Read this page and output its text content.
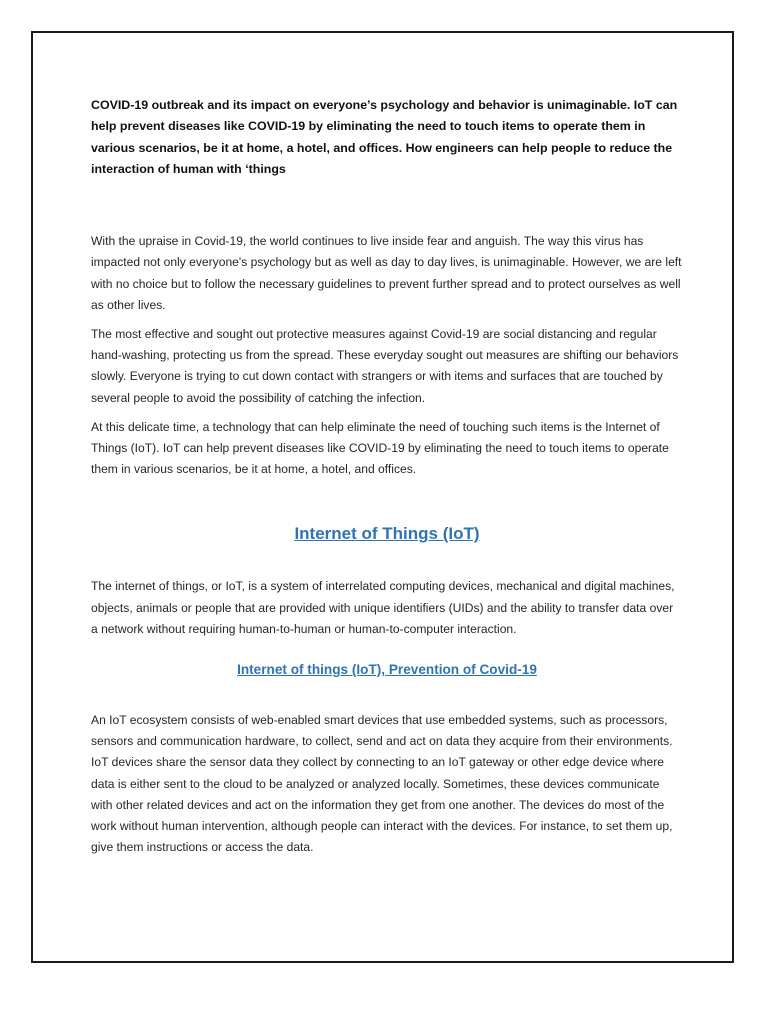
COVID-19 outbreak and its impact on everyone’s psychology and behavior is unimaginable. IoT can help prevent diseases like COVID-19 by eliminating the need to touch items to operate them in various scenarios, be it at home, a hotel, and offices. How engineers can help people to reduce the interaction of human with ‘things

With the upraise in Covid-19, the world continues to live inside fear and anguish. The way this virus has impacted not only everyone's psychology but as well as day to day lives, is unimaginable. However, we are left with no choice but to follow the necessary guidelines to prevent further spread and to protect ourselves as well as other lives.

The most effective and sought out protective measures against Covid-19 are social distancing and regular hand-washing, protecting us from the spread. These everyday sought out measures are shifting our behaviors slowly. Everyone is trying to cut down contact with strangers or with items and surfaces that are touched by several people to avoid the possibility of catching the infection.

At this delicate time, a technology that can help eliminate the need of touching such items is the Internet of Things (IoT). IoT can help prevent diseases like COVID-19 by eliminating the need to touch items to operate them in various scenarios, be it at home, a hotel, and offices.

Internet of Things (IoT)

The internet of things, or IoT, is a system of interrelated computing devices, mechanical and digital machines, objects, animals or people that are provided with unique identifiers (UIDs) and the ability to transfer data over a network without requiring human-to-human or human-to-computer interaction.

Internet of things (IoT), Prevention of Covid-19

An IoT ecosystem consists of web-enabled smart devices that use embedded systems, such as processors, sensors and communication hardware, to collect, send and act on data they acquire from their environments. IoT devices share the sensor data they collect by connecting to an IoT gateway or other edge device where data is either sent to the cloud to be analyzed or analyzed locally. Sometimes, these devices communicate with other related devices and act on the information they get from one another. The devices do most of the work without human intervention, although people can interact with the devices. For instance, to set them up, give them instructions or access the data.
